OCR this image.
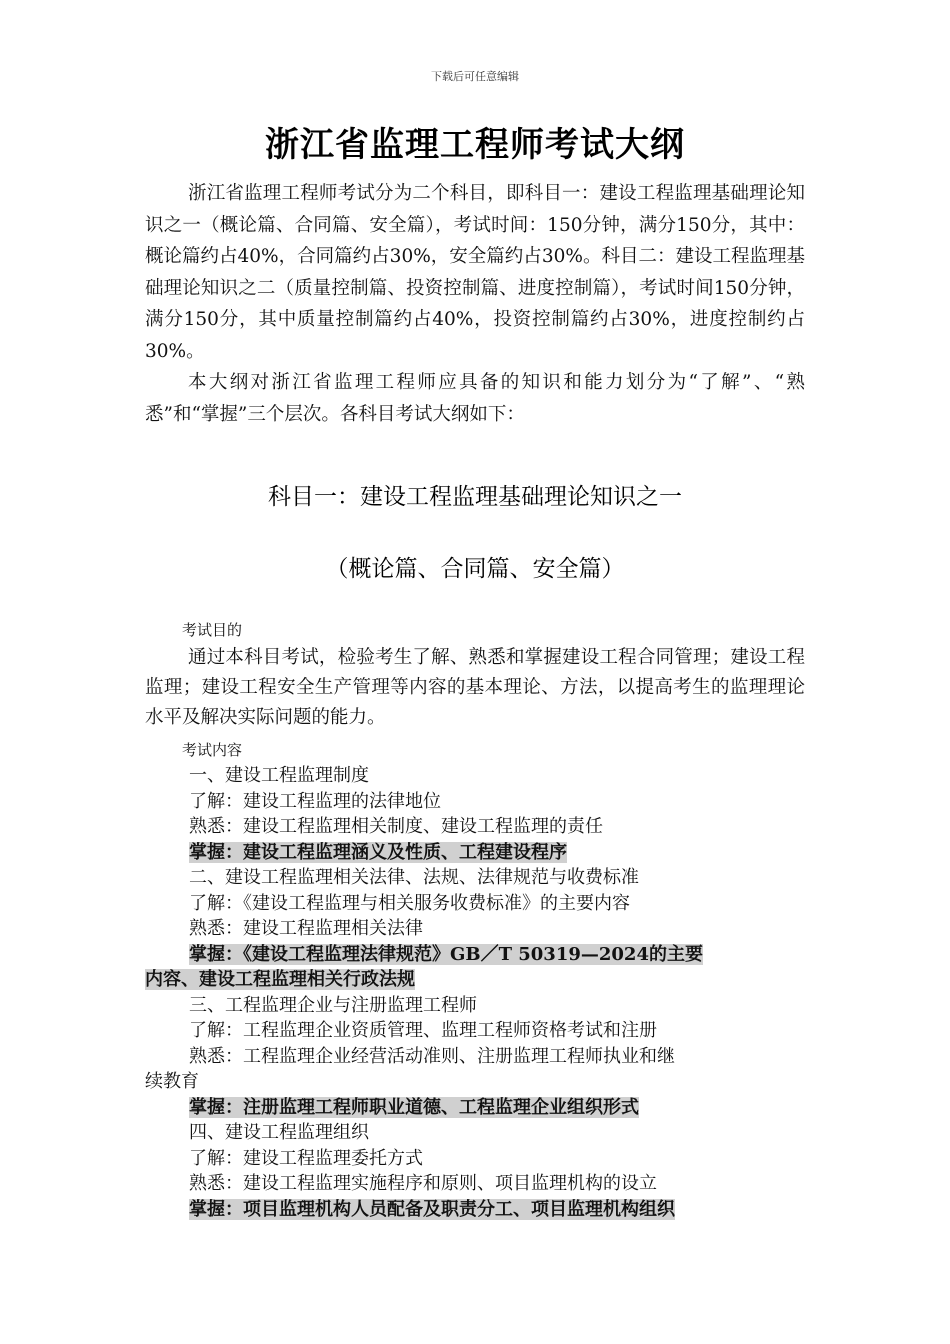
下载后可任意编辑
浙江省监理工程师考试大纲

浙江省监理工程师考试分为二个科目，即科目一：建设工程监理基础理论知识之一（概论篇、合同篇、安全篇），考试时间：150分钟，满分150分，其中：概论篇约占40%，合同篇约占30%，安全篇约占30%。科目二：建设工程监理基础理论知识之二（质量控制篇、投资控制篇、进度控制篇），考试时间150分钟，满分150分，其中质量控制篇约占40%，投资控制篇约占30%，进度控制约占30%。

本大纲对浙江省监理工程师应具备的知识和能力划分为“了解”、“熟悉”和“掌握”三个层次。各科目考试大纲如下：

科目一：建设工程监理基础理论知识之一
（概论篇、合同篇、安全篇）
考试目的

通过本科目考试，检验考生了解、熟悉和掌握建设工程合同管理；建设工程监理；建设工程安全生产管理等内容的基本理论、方法，以提高考生的监理理论水平及解决实际问题的能力。

考试内容
一、建设工程监理制度
了解：建设工程监理的法律地位
熟悉：建设工程监理相关制度、建设工程监理的责任
掌握：建设工程监理涵义及性质、工程建设程序
二、建设工程监理相关法律、法规、法律规范与收费标准
了解：《建设工程监理与相关服务收费标准》的主要内容
熟悉：建设工程监理相关法律
掌握：《建设工程监理法律规范》GB／T 50319—2024的主要
内容、建设工程监理相关行政法规
三、工程监理企业与注册监理工程师
了解：工程监理企业资质管理、监理工程师资格考试和注册
熟悉：工程监理企业经营活动准则、注册监理工程师执业和继
续教育
掌握：注册监理工程师职业道德、工程监理企业组织形式
四、建设工程监理组织
了解：建设工程监理委托方式
熟悉：建设工程监理实施程序和原则、项目监理机构的设立
掌握：项目监理机构人员配备及职责分工、项目监理机构组织
